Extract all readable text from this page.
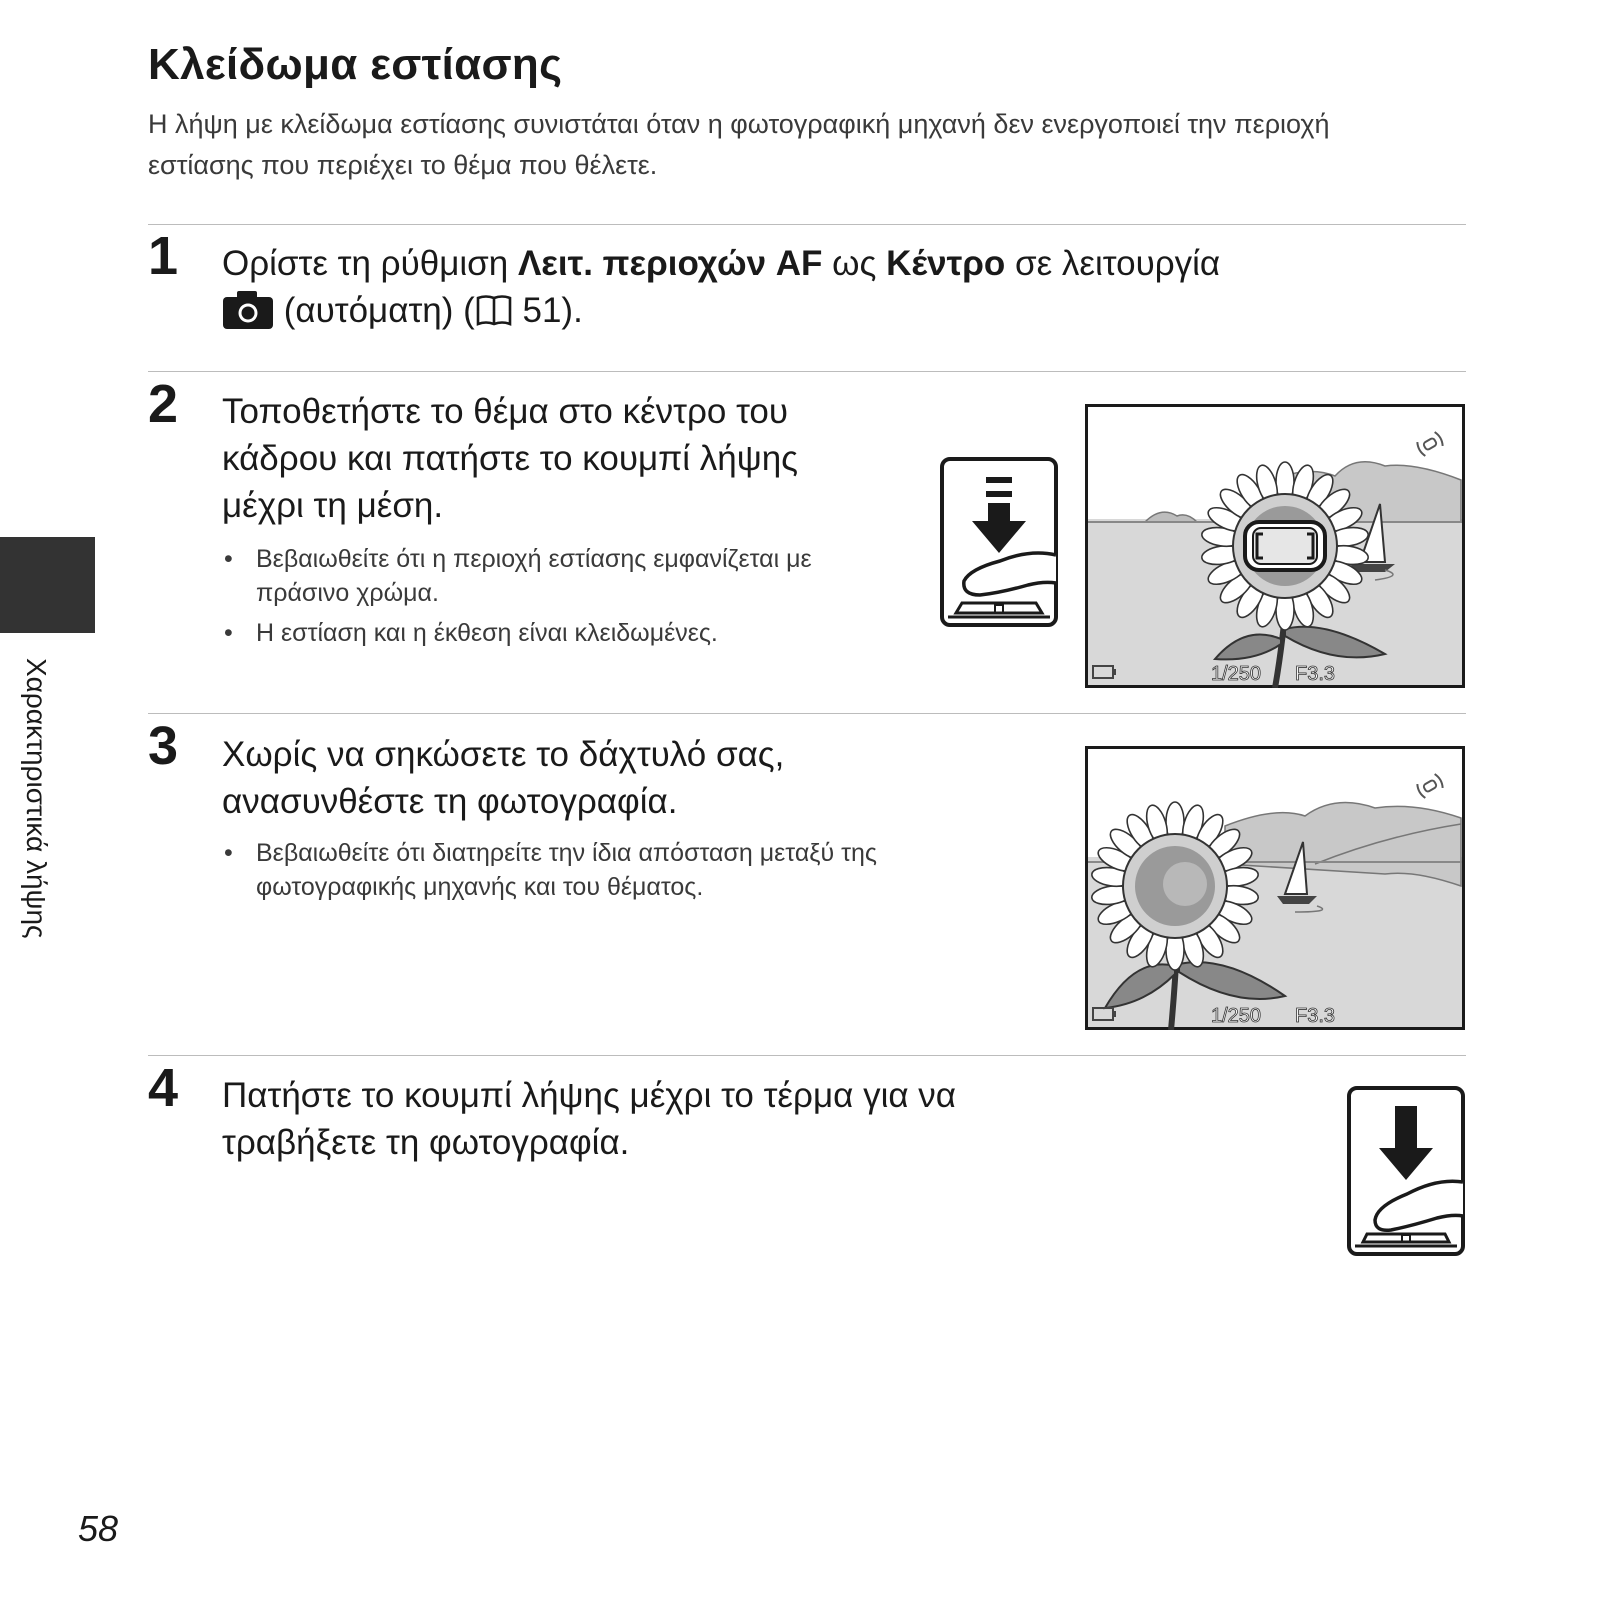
Κλείδωμα εστίασης
Η λήψη με κλείδωμα εστίασης συνιστάται όταν η φωτογραφική μηχανή δεν ενεργοποιεί την περιοχή
εστίασης που περιέχει το θέμα που θέλετε.
Χαρακτηριστικά λήψης
1 Ορίστε τη ρύθμιση Λειτ. περιοχών AF ως Κέντρο σε λειτουργία
(αυτόματη) ( 51).
2 Τοποθετήστε το θέμα στο κέντρο του
κάδρου και πατήστε το κουμπί λήψης
μέχρι τη μέση.
• Βεβαιωθείτε ότι η περιοχή εστίασης εμφανίζεται με
πράσινο χρώμα.
• Η εστίαση και η έκθεση είναι κλειδωμένες.
1/250 F3.3
3 Χωρίς να σηκώσετε το δάχτυλό σας,
ανασυνθέστε τη φωτογραφία.
• Βεβαιωθείτε ότι διατηρείτε την ίδια απόσταση μεταξύ της
φωτογραφικής μηχανής και του θέματος.
1/250 F3.3
4 Πατήστε το κουμπί λήψης μέχρι το τέρμα για να
τραβήξετε τη φωτογραφία.
58
